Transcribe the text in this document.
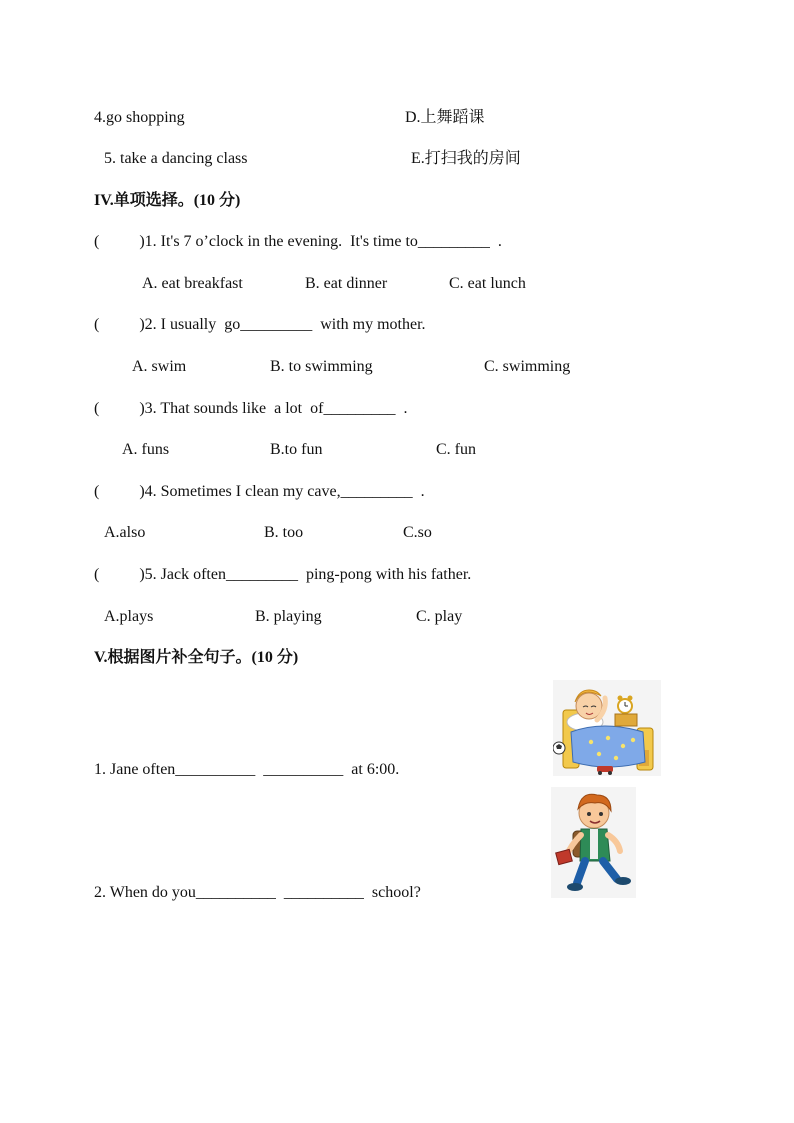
4.go shopping	D.上舞蹈课
5. take a dancing class	E.打扫我的房间
IV.单项选择。(10 分)
(          )1. It's 7 o’clock in the evening.  It's time to_________  .
A. eat breakfast	B. eat dinner	C. eat lunch
(          )2. I usually  go_________  with my mother.
A. swim	B. to swimming	C. swimming
(          )3. That sounds like  a lot  of_________  .
A. funs	B.to fun	C. fun
(          )4. Sometimes I clean my cave,_________  .
A.also	B. too	C.so
(          )5. Jack often_________  ping-pong with his father.
A.plays	B. playing	C. play
V.根据图片补全句子。(10 分)
1. Jane often__________  __________  at 6:00.
2. When do you__________  __________  school?
